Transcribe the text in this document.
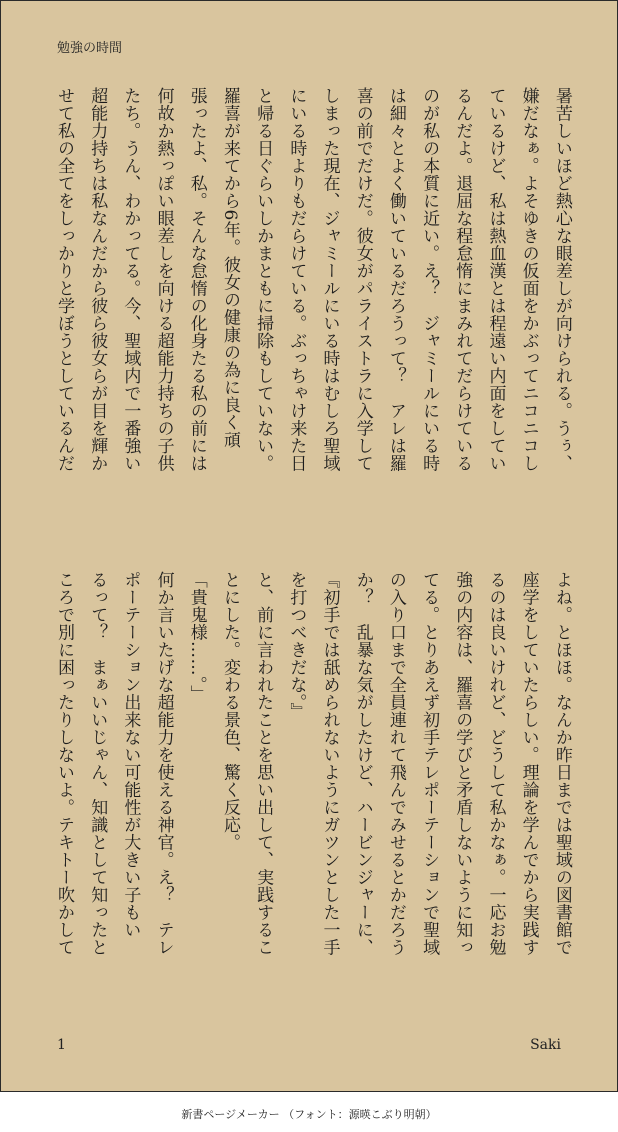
勉強の時間
暑苦しいほど熱心な眼差しが向けられる。うぅ、
嫌だなぁ。よそゆきの仮面をかぶってニコニコし
ているけど、私は熱血漢とは程遠い内面をしてい
るんだよ。退屈な程怠惰にまみれてだらけている
のが私の本質に近い。え？　ジャミールにいる時
は細々とよく働いているだろうって？　アレは羅
喜の前でだけだ。彼女がパライストラに入学して
しまった現在、ジャミールにいる時はむしろ聖域
にいる時よりもだらけている。ぶっちゃけ来た日
と帰る日ぐらいしかまともに掃除もしていない。
羅喜が来てから6年。彼女の健康の為に良く頑
張ったよ、私。そんな怠惰の化身たる私の前には
何故か熱っぽい眼差しを向ける超能力持ちの子供
たち。うん、わかってる。今、聖域内で一番強い
超能力持ちは私なんだから彼ら彼女らが目を輝か
せて私の全てをしっかりと学ぼうとしているんだ
よね。とほほ。なんか昨日までは聖域の図書館で
座学をしていたらしい。理論を学んでから実践す
るのは良いけれど、どうして私かなぁ。一応お勉
強の内容は、羅喜の学びと矛盾しないように知っ
てる。とりあえず初手テレポーテーションで聖域
の入り口まで全員連れて飛んでみせるとかだろう
か？　乱暴な気がしたけど、ハービンジャーに、
『初手では舐められないようにガツンとした一手
を打つべきだな。』
と、前に言われたことを思い出して、実践するこ
とにした。変わる景色、驚く反応。
「貴鬼様……。」
何か言いたげな超能力を使える神官。え？　テレ
ポーテーション出来ない可能性が大きい子もい
るって？　まぁいいじゃん、知識として知ったと
ころで別に困ったりしないよ。テキトー吹かして
1	Saki
新書ページメーカー （フォント：源暎こぶり明朝）
